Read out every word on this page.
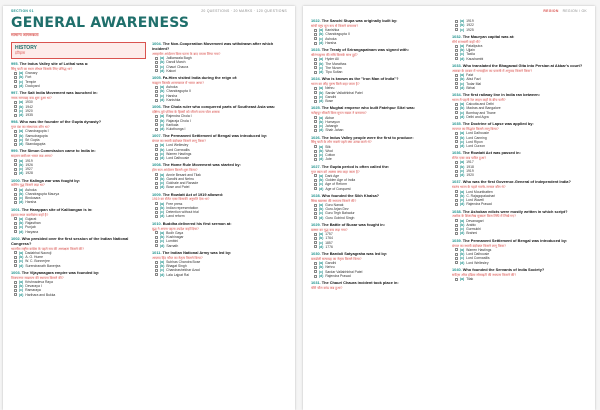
SECTION 01	20 QUESTIONS · 20 MARKS · 120 QUESTIONS
GENERAL AWARENESS
सामान्य जागरूकता
HISTORY
इतिहास
995.The Indus Valley site of Lothal was a:
सिंधु घाटी का स्थल लोथल किसके लिए प्रसिद्ध था?
(a) Granary
(b) Fort
(c) Temple
(d) Dockyard
997.The Salt India Movement was launched in:
नमक सत्याग्रह कब शुरू हुआ था?
(a) 1930
(b) 1942
(c) 1920
(d) 1935
998.Who was the founder of the Gupta dynasty?
गुप्त वंश का संस्थापक कौन था?
(a) Chandragupta I
(b) Samudragupta
(c) Sri Gupta
(d) Skandagupta
999.The Simon Commission came to India in:
साइमन कमीशन भारत कब आया?
(a) 1919
(b) 1926
(c) 1927
(d) 1928
1000.The Kalinga war was fought by:
कलिंग युद्ध किसने लड़ा था?
(a) Ashoka
(b) Chandragupta Maurya
(c) Bindusara
(d) Harsha
1001.The Harappan site of Kalibangan is in:
हड़प्पा स्थल कालीबंगा कहाँ है?
(a) Gujarat
(b) Rajasthan
(c) Punjab
(d) Haryana
1002.Who presided over the first session of the Indian National Congress?
भारतीय राष्ट्रीय कांग्रेस के पहले सत्र की अध्यक्षता किसने की?
(a) Dadabhai Naoroji
(b) A. O. Hume
(c) W. C. Bonnerjee
(d) Surendranath Banerjea
1003.The Vijayanagara empire was founded by:
विजयनगर साम्राज्य की स्थापना किसने की?
(a) Krishnadeva Raya
(b) Devaraya I
(c) Ramaraya
(d) Harihara and Bukka
1004.The Non-Cooperation Movement was withdrawn after which incident?
असहयोग आंदोलन किस घटना के बाद वापस लिया गया?
(a) Jallianwala Bagh
(b) Dandi March
(c) Chauri Chaura
(d) Kakori
1005.Fa-Hien visited India during the reign of:
फाह्यान किसके शासनकाल में भारत आया?
(a) Ashoka
(b) Chandragupta II
(c) Harsha
(d) Kanishka
1006.The Chola ruler who conquered parts of Southeast Asia was:
दक्षिण-पूर्व एशिया के हिस्सों को जीतने वाला चोल शासक
(a) Rajendra Chola I
(b) Rajaraja Chola I
(c) Karikala
(d) Kulothunga I
1007.The Permanent Settlement of Bengal was introduced by:
बंगाल का स्थायी बंदोबस्त किसने लागू किया?
(a) Lord Wellesley
(b) Lord Cornwallis
(c) Warren Hastings
(d) Lord Dalhousie
1008.The Home Rule Movement was started by:
होम रूल आंदोलन किसने शुरू किया?
(a) Annie Besant and Tilak
(b) Gandhi and Nehru
(c) Gokhale and Ranade
(d) Bose and Patel
1009.The Rowlatt Act of 1919 allowed:
1919 का रॉलेट एक्ट किसकी अनुमति देता था?
(a) Free press
(b) Indian representation
(c) Detention without trial
(d) Land reform
1010.Buddha delivered his first sermon at:
बुद्ध ने अपना पहला उपदेश कहाँ दिया?
(a) Bodh Gaya
(b) Kushinagar
(c) Lumbini
(d) Sarnath
1011.The Indian National Army was led by:
आज़ाद हिंद फौज का नेतृत्व किसने किया?
(a) Subhas Chandra Bose
(b) Bhagat Singh
(c) Chandrashekhar Azad
(d) Lala Lajpat Rai
REGION REGION / GK
1022.The Sanchi Stupa was originally built by:
सांची स्तूप मूल रूप से किसने बनवाया?
(a) Kanishka
(b) Chandragupta II
(c) Ashoka
(d) Harsha
1023.The Treaty of Srirangapatnam was signed with:
श्रीरंगपट्टनम की संधि किसके साथ हुई?
(a) Hyder Ali
(b) The Marathas
(c) The Nizam
(d) Tipu Sultan
1024.Who is known as the "Iron Man of India"?
भारत का लौह पुरुष किसे कहा जाता है?
(a) Nehru
(b) Sardar Vallabhbhai Patel
(c) Gandhi
(d) Bose
1025.The Mughal emperor who built Fatehpur Sikri was:
फतेहपुर सीकरी किस मुगल सम्राट ने बनवाया?
(a) Akbar
(b) Humayun
(c) Jahangir
(d) Shah Jahan
1026.The Indus Valley people were the first to produce:
सिंधु घाटी के लोग सबसे पहले क्या उत्पन्न करते थे?
(a) Silk
(b) Wool
(c) Cotton
(d) Jute
1027.The Gupta period is often called the:
गुप्त काल को अक्सर क्या कहा जाता है?
(a) Dark Age
(b) Golden Age of India
(c) Age of Reform
(d) Age of Conquest
1028.Who founded the Sikh Khalsa?
सिख खालसा की स्थापना किसने की?
(a) Guru Nanak
(b) Guru Arjan Dev
(c) Guru Tegh Bahadur
(d) Guru Gobind Singh
1029.The Battle of Buxar was fought in:
बक्सर का युद्ध कब लड़ा गया?
(a) 1757
(b) 1764
(c) 1857
(d) 1776
1030.The Bardoli Satyagraha was led by:
बारडोली सत्याग्रह का नेतृत्व किसने किया?
(a) Gandhi
(b) Nehru
(c) Sardar Vallabhbhai Patel
(d) Rajendra Prasad
1031.The Chauri Chaura incident took place in:
चौरी चौरा कांड कब हुआ?
(a) 1919
(b) 1922
(c) 1925
1032.The Mauryan capital was at:
मौर्य राजधानी कहाँ थी?
(a) Pataliputra
(b) Ujjain
(c) Taxila
(d) Kaushambi
1033.Who translated the Bhagavad Gita into Persian at Akbar's court?
अकबर के दरबार में भगवद्गीता का फ़ारसी में अनुवाद किसने किया?
(a) Faizi
(b) Abul Fazl
(c) Todar Mal
(d) Birbal
1034.The first railway line in India ran between:
भारत में पहली रेल लाइन कहाँ के बीच चली?
(a) Calcutta and Delhi
(b) Madras and Bangalore
(c) Bombay and Thane
(d) Delhi and Agra
1035.The Doctrine of Lapse was applied by:
व्यपगत का सिद्धांत किसने लागू किया?
(a) Lord Dalhousie
(b) Lord Canning
(c) Lord Ripon
(d) Lord Curzon
1036.The Rowlatt Act was passed in:
रॉलेट एक्ट कब पारित हुआ?
(a) 1917
(b) 1918
(c) 1919
(d) 1920
1037.Who was the first Governor-General of independent India?
स्वतंत्र भारत के पहले गवर्नर-जनरल कौन थे?
(a) Lord Mountbatten
(b) C. Rajagopalachari
(c) Lord Wavell
(d) Rajendra Prasad
1038.The Ashokan edicts were mostly written in which script?
अशोक के शिलालेख मुख्यतः किस लिपि में लिखे गए?
(a) Devanagari
(b) Arabic
(c) Gurmukhi
(d) Brahmi
1039.The Permanent Settlement of Bengal was introduced by:
बंगाल का स्थायी बंदोबस्त किसने लागू किया?
(a) Warren Hastings
(b) Lord Dalhousie
(c) Lord Cornwallis
(d) Lord Wellesley
1040.Who founded the Servants of India Society?
सर्वेंट्स ऑफ इंडिया सोसाइटी की स्थापना किसने की?
(a) Tilak
